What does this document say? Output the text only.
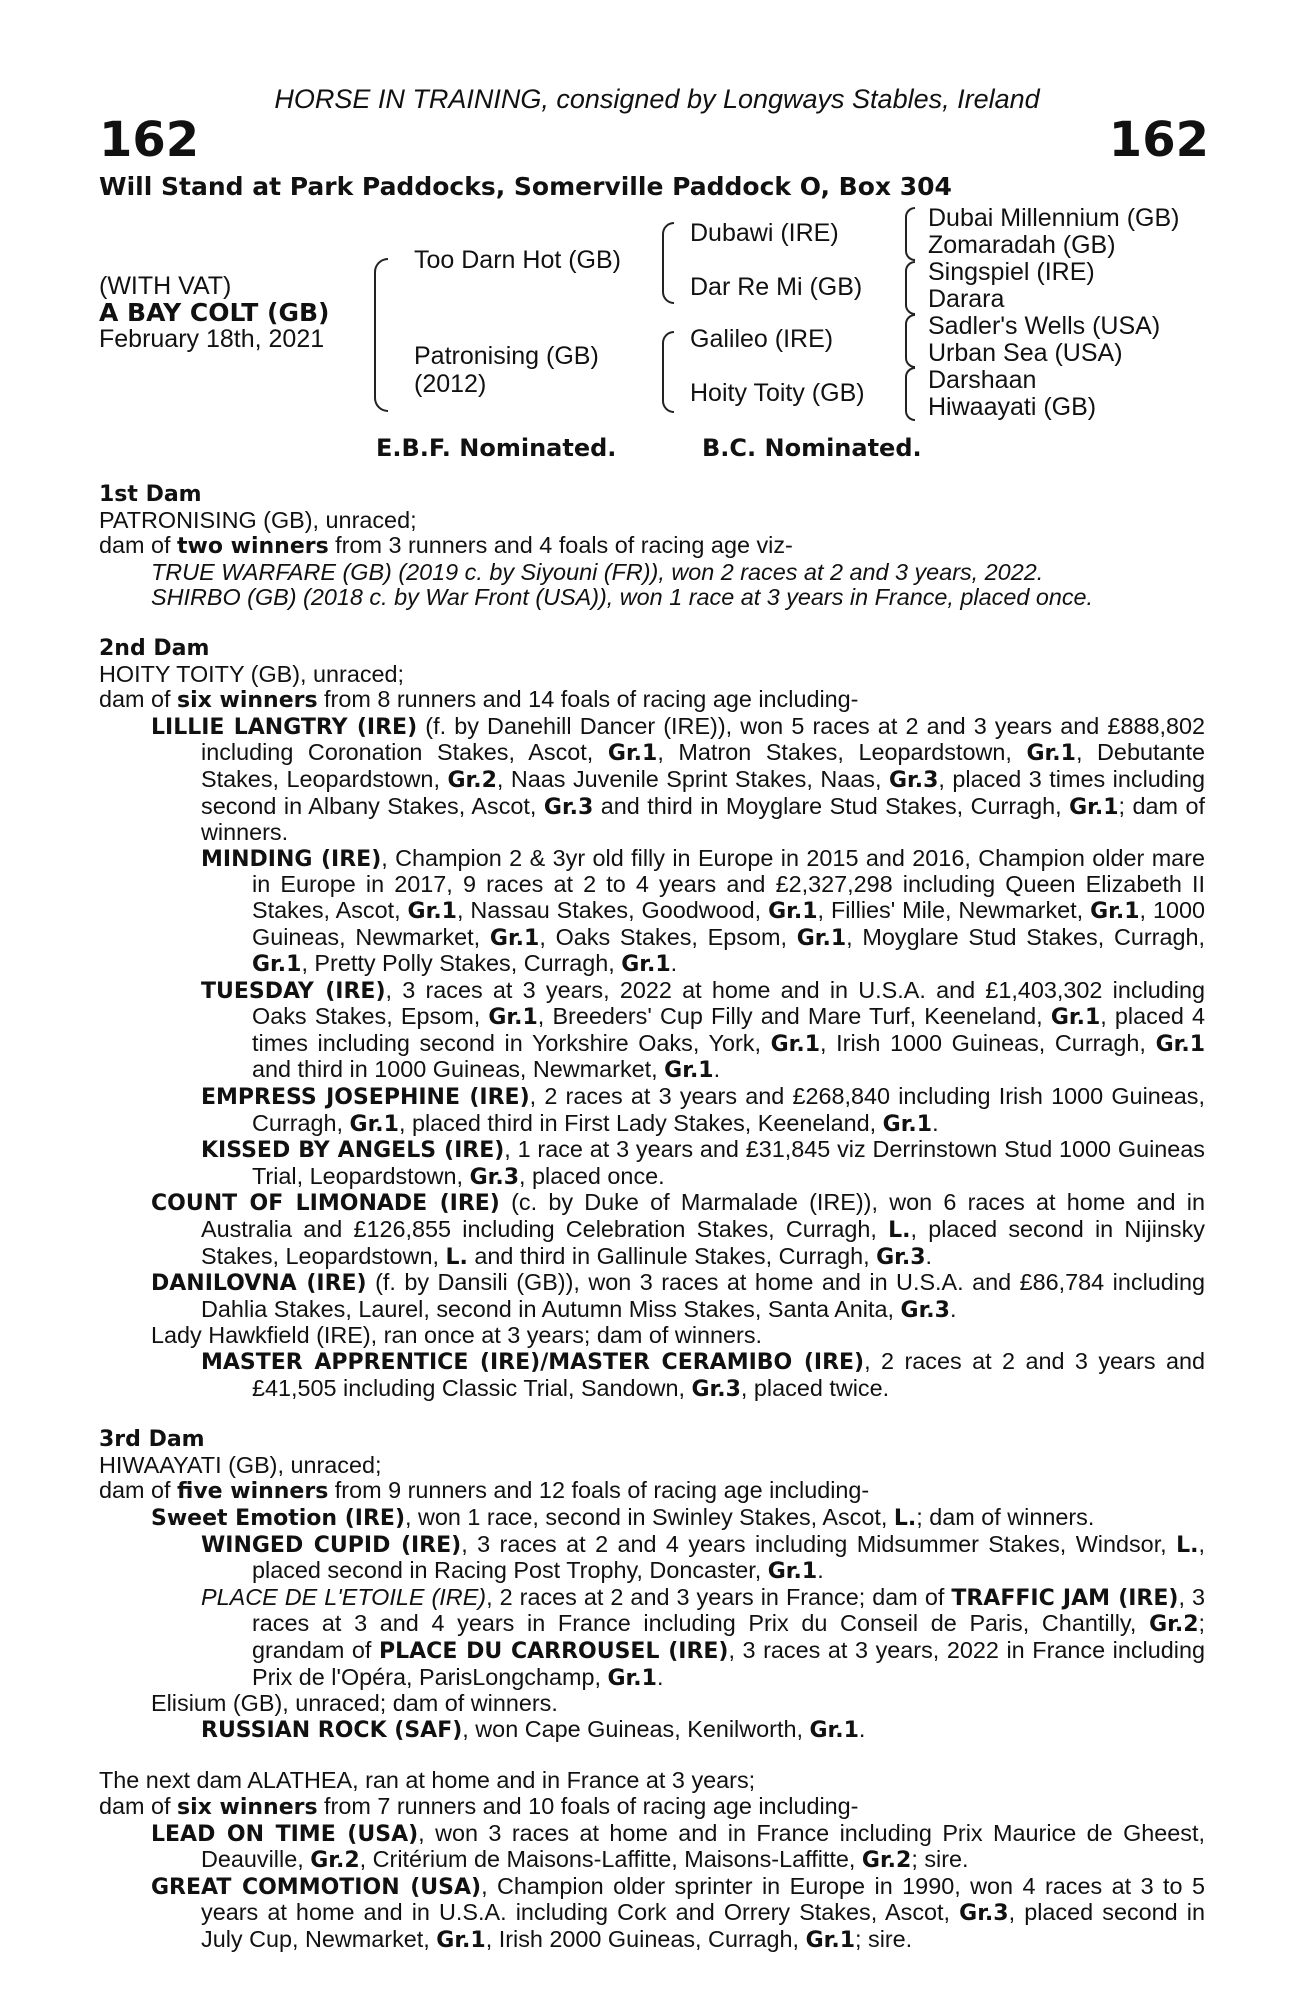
HORSE IN TRAINING, consigned by Longways Stables, Ireland
162	162
Will Stand at Park Paddocks, Somerville Paddock O, Box 304
(WITH VAT)
A BAY COLT (GB)
February 18th, 2021
Too Darn Hot (GB)
Patronising (GB)
(2012)
Dubawi (IRE)
Dar Re Mi (GB)
Galileo (IRE)
Hoity Toity (GB)
Dubai Millennium (GB)
Zomaradah (GB)
Singspiel (IRE)
Darara
Sadler's Wells (USA)
Urban Sea (USA)
Darshaan
Hiwaayati (GB)
E.B.F. Nominated.	B.C. Nominated.

1st Dam

PATRONISING (GB), unraced;

dam of two winners from 3 runners and 4 foals of racing age viz-

TRUE WARFARE (GB) (2019 c. by Siyouni (FR)), won 2 races at 2 and 3 years, 2022.

SHIRBO (GB) (2018 c. by War Front (USA)), won 1 race at 3 years in France, placed once.

2nd Dam

HOITY TOITY (GB), unraced;

dam of six winners from 8 runners and 14 foals of racing age including-

LILLIE LANGTRY (IRE) (f. by Danehill Dancer (IRE)), won 5 races at 2 and 3 years and £888,802 including Coronation Stakes, Ascot, Gr.1, Matron Stakes, Leopardstown, Gr.1, Debutante Stakes, Leopardstown, Gr.2, Naas Juvenile Sprint Stakes, Naas, Gr.3, placed 3 times including second in Albany Stakes, Ascot, Gr.3 and third in Moyglare Stud Stakes, Curragh, Gr.1; dam of winners.

MINDING (IRE), Champion 2 & 3yr old filly in Europe in 2015 and 2016, Champion older mare in Europe in 2017, 9 races at 2 to 4 years and £2,327,298 including Queen Elizabeth II Stakes, Ascot, Gr.1, Nassau Stakes, Goodwood, Gr.1, Fillies' Mile, Newmarket, Gr.1, 1000 Guineas, Newmarket, Gr.1, Oaks Stakes, Epsom, Gr.1, Moyglare Stud Stakes, Curragh, Gr.1, Pretty Polly Stakes, Curragh, Gr.1.

TUESDAY (IRE), 3 races at 3 years, 2022 at home and in U.S.A. and £1,403,302 including Oaks Stakes, Epsom, Gr.1, Breeders' Cup Filly and Mare Turf, Keeneland, Gr.1, placed 4 times including second in Yorkshire Oaks, York, Gr.1, Irish 1000 Guineas, Curragh, Gr.1 and third in 1000 Guineas, Newmarket, Gr.1.

EMPRESS JOSEPHINE (IRE), 2 races at 3 years and £268,840 including Irish 1000 Guineas, Curragh, Gr.1, placed third in First Lady Stakes, Keeneland, Gr.1.

KISSED BY ANGELS (IRE), 1 race at 3 years and £31,845 viz Derrinstown Stud 1000 Guineas Trial, Leopardstown, Gr.3, placed once.

COUNT OF LIMONADE (IRE) (c. by Duke of Marmalade (IRE)), won 6 races at home and in Australia and £126,855 including Celebration Stakes, Curragh, L., placed second in Nijinsky Stakes, Leopardstown, L. and third in Gallinule Stakes, Curragh, Gr.3.

DANILOVNA (IRE) (f. by Dansili (GB)), won 3 races at home and in U.S.A. and £86,784 including Dahlia Stakes, Laurel, second in Autumn Miss Stakes, Santa Anita, Gr.3.

Lady Hawkfield (IRE), ran once at 3 years; dam of winners.

MASTER APPRENTICE (IRE)/MASTER CERAMIBO (IRE), 2 races at 2 and 3 years and £41,505 including Classic Trial, Sandown, Gr.3, placed twice.

3rd Dam

HIWAAYATI (GB), unraced;

dam of five winners from 9 runners and 12 foals of racing age including-

Sweet Emotion (IRE), won 1 race, second in Swinley Stakes, Ascot, L.; dam of winners.

WINGED CUPID (IRE), 3 races at 2 and 4 years including Midsummer Stakes, Windsor, L., placed second in Racing Post Trophy, Doncaster, Gr.1.

PLACE DE L'ETOILE (IRE), 2 races at 2 and 3 years in France; dam of TRAFFIC JAM (IRE), 3 races at 3 and 4 years in France including Prix du Conseil de Paris, Chantilly, Gr.2; grandam of PLACE DU CARROUSEL (IRE), 3 races at 3 years, 2022 in France including Prix de l'Opéra, ParisLongchamp, Gr.1.

Elisium (GB), unraced; dam of winners.

RUSSIAN ROCK (SAF), won Cape Guineas, Kenilworth, Gr.1.

The next dam ALATHEA, ran at home and in France at 3 years;

dam of six winners from 7 runners and 10 foals of racing age including-

LEAD ON TIME (USA), won 3 races at home and in France including Prix Maurice de Gheest, Deauville, Gr.2, Critérium de Maisons-Laffitte, Maisons-Laffitte, Gr.2; sire.

GREAT COMMOTION (USA), Champion older sprinter in Europe in 1990, won 4 races at 3 to 5 years at home and in U.S.A. including Cork and Orrery Stakes, Ascot, Gr.3, placed second in July Cup, Newmarket, Gr.1, Irish 2000 Guineas, Curragh, Gr.1; sire.
